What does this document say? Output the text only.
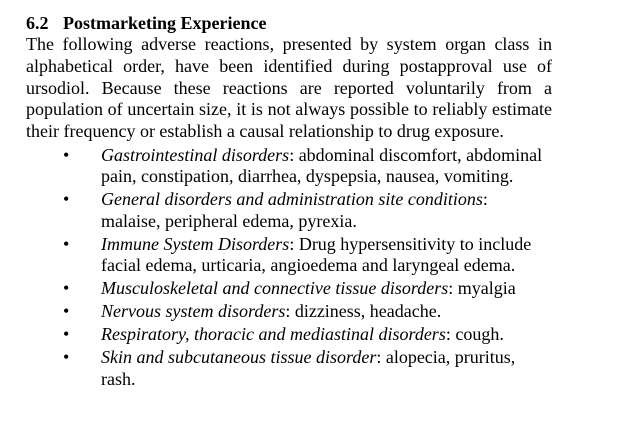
6.2 Postmarketing Experience

The following adverse reactions, presented by system organ class in alphabetical order, have been identified during postapproval use of ursodiol. Because these reactions are reported voluntarily from a population of uncertain size, it is not always possible to reliably estimate their frequency or establish a causal relationship to drug exposure.

• Gastrointestinal disorders: abdominal discomfort, abdominal pain, constipation, diarrhea, dyspepsia, nausea, vomiting.
• General disorders and administration site conditions: malaise, peripheral edema, pyrexia.
• Immune System Disorders: Drug hypersensitivity to include facial edema, urticaria, angioedema and laryngeal edema.
• Musculoskeletal and connective tissue disorders: myalgia
• Nervous system disorders: dizziness, headache.
• Respiratory, thoracic and mediastinal disorders: cough.
• Skin and subcutaneous tissue disorder: alopecia, pruritus, rash.
